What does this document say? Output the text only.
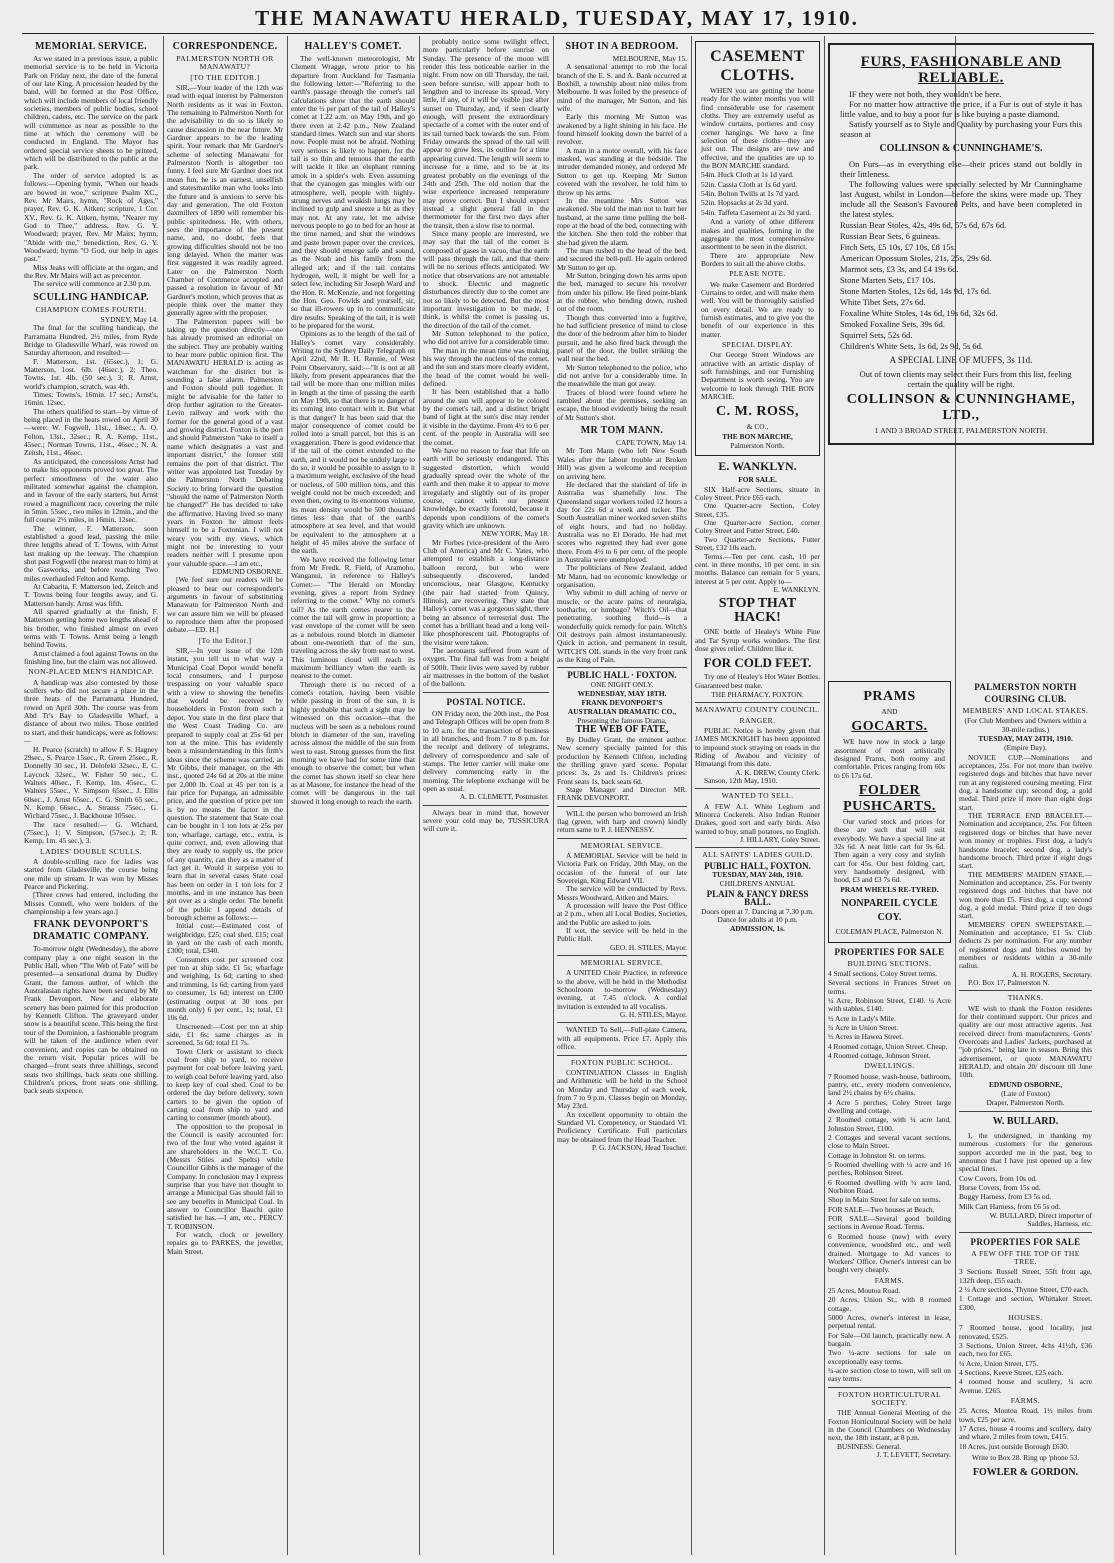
THE MANAWATU HERALD, TUESDAY, MAY 17, 1910.
MEMORIAL SERVICE.

As we stated in a previous issue, a public memorial service is to be held in Victoria Park on Friday next, the date of the funeral of our late King. A procession headed by the band, will be formed at the Post Office, which will include members of local friendly societies, members of public bodies, school children, cadets, etc. The service on the park will commence as near as possible to the time at which the ceremony will be conducted in England. The Mayor has ordered special service sheets to be printed, which will be distributed to the public at the park.

The order of service adopted is as follows:—Opening hymn, "When our heads are bowed in woe," scripture Psalm XC., Rev. Mr Mairs, hymn, "Rock of Ages," prayer, Rev. G. K. Aitken; scripture, 1 Cor. XV., Rev. G. K. Aitken, hymn, "Nearer my God to Thee," address, Rev. G. Y. Woodward; prayer, Rev. Mr Mairs; hymn, "Abide with me," benediction, Rev. G. Y. Woodward; hymn "O God, our help in ages past."

Miss Jeaks will officiate at the organ, and the Rev. Mr Mairs will act as precentor.

The service will commence at 2.30 p.m.

SCULLING HANDICAP.
CHAMPION COMES FOURTH.

SYDNEY, May 14.

The final for the sculling handicap, the Parramatta Hundred, 2½ miles, from Ryde Bridge to Gladesville Wharf, was rowed on Saturday afternoon, and resulted:—

F. Matterson, 1st. (65sec.), 1; G. Matterson, 1ost. 6lb. (46sec.), 2; Theo. Towns, 1st. 4lb. (50 sec.), 3; R. Arnst, world's champion, scratch, was 4th.

Times: Towns's, 16min. 17 sec.; Arnst's, 16min. 12sec.

The others qualified to start—by virtue of being placed in the heats rowed on April 30—were: W. Fogwell, 11st., 18sec.; A. O. Felton, 13st., 32sec.; R. A. Kemp, 11st., 45sec.; Norman Towns, 11st., 46sec.; N. A. Zeitsh, 11st., 46sec.

As anticipated, the concessions Arnst had to make his opponents proved too great. The perfect smoothness of the water also militated somewhat against the champion, and in favour of the early starters, but Arnst rowed a magnificent race, covering the mile in 5min. 55sec., two miles in 12min., and the full course 2½ miles, in 16min. 12sec.

The winner, F. Matterson, soon established a good lead, passing the mile three lengths ahead of T. Towns, with Arnst last making up the leeway. The champion shot past Fogwell (the nearest man to him) at the Gasworks, and before reaching Two miles overhauled Felton and Kemp.

At Cabarita, F. Matterson led, Zeitch and T. Towns being four lengths away, and G. Matterson handy. Arnst was fifth.

All sparred gradually at the finish, F. Matterson getting home two lengths ahead of his brother, who finished almost on even terms with T. Towns. Arnst being a length behind Towns.

Arnst claimed a foul against Towns on the finishing line, but the claim was not allowed.

NON-PLACED MEN'S HANDICAP.

A handicap was also contested by those scullers who did not secure a place in the three heats of the Parramatta Hundred, rowed on April 30th. The course was from Abd Tr's Bay to Gladesville Wharf, a distance of about two miles. Those entitled to start, and their handicaps, were as follows:—

H. Pearce (scratch) to allow F. S. Hagney 29sec., S. Pearce 15sec., R. Green 25sec., R. Donnelly 30 sec., H. Delofeki 32sec., E. C. Laycock 32sec., W. Fisher 50 sec., C. Walters 40sec., F. Kemp, 1m. 45sec., C. Walters 55sec., V. Simpson 65sec., J. Ellis 60sec., J. Arnst 65sec., C. G. Smith 65 sec., N. Kemp 66sec., A. Strauss 75sec., G. Wichard 75sec., J. Backhouse 105sec.

The race resulted:— G. Wichard, (75sec.), 1; V. Simpson, (57sec.), 2; R. Kemp, 1m. 45 sec.), 3.

LADIES' DOUBLE SCULLS.

A double-sculling race for ladies was started from Gladesville, the course being one mile up stream. It was won by Misses Pearce and Pickering.

[Three crews had entered, including the Misses Connell, who were holders of the championship a few years ago.]

FRANK DEVONPORT'S DRAMATIC COMPANY.

To-morrow night (Wednesday), the above company play a one night season in the Public Hall, when "The Web of Fate" will be presented—a sensational drama by Dudley Grant, the famous author, of which the Australasian rights have been secured by Mr Frank Devonport. New and elaborate scenery has been painted for this production by Kenneth Clifton. The graveyard under snow is a beautiful scene. This being the first tour of the Dominion, a fashionable program will be taken of the audience when ever convenient, and copies can be obtained on the return visit. Popular prices will be charged—front seats three shillings, second seats two shillings, back seats one shilling. Children's prices, front seats one shilling, back seats sixpence.

CORRESPONDENCE.
PALMERSTON NORTH OR MANAWATU?
[TO THE EDITOR.]

SIR,—Your leader of the 12th was read with equal interest by Palmerston North residents as it was in Foxton. The remaining to Palmerston North for the advisability to do so is likely to cause discussion in the near future. Mr Gardner appears to be the leading spirit. Your remark that Mr Gardner's scheme of selecting Manawatu for Palmerston North is altogether too funny. I feel sure Mr Gardner does not mean fun, he is an earnest, unselfish and statesmanlike man who looks into the future and is anxious to serve his day and generation. The old Foxton daxmillers of 1890 will remember his public spiritedness. He, with others, sees the importance of the present name, and, no doubt, feels that growing difficulties should not be too long delayed. When the matter was first suggested it was readily agreed. Later on the Palmerston North Chamber of Commerce accepted and passed a resolution in favour of Mr Gardner's motion, which proves that as people think over the matter they generally agree with the proposer.

The Palmerston papers will be taking up the question directly—one has already promised an editorial on the subject. They are probably waiting to hear more public opinion first. The MANAWATU HERALD is acting as watchman for the district but is sounding a false alarm. Palmerston and Foxton should pull together. It might be advisable for the latter to drop further agitation to the Greater-Levin railway and work with the former for the general good of a vast and growing district. Foxton is the port and should Palmerston "take to itself a name which designates a vast and important district," the former still remains the port of that district. The writer was appointed last Tuesday by the Palmerston North Debating Society to bring forward the question "should the name of Palmerston North be changed?" He has decided to take the affirmative. Having lived so many years in Foxton he almost feels himself to be a Foxtonian. I will not weary you with my views, which might not be interesting to your readers neither will I presume upon your valuable space.—I am etc.,

EDMUND OSBORNE.

[We feel sure our readers will be pleased to hear our correspondent's arguments in favour of substituting Manawatu for Palmerston North and we can assure him we will be pleased to reproduce them after the proposed debate.—ED. H.]

[To the Editor.]

SIR,—In your issue of the 12th instant, you tell us to what way a Municipal Coal Depot would benefit local consumers, and I purpose trespassing on your valuable space with a view to showing the benefits that would be received by householders in Foxton from such a depot. You state in the first place that the West Coast Trading Co. are prepared to supply coal at 25s 6d per ton at the mine. This has evidently been a misunderstanding in this firm's ideas since the scheme was carried, as Mr Gibbs, their manager, on the 4th inst., quoted 24s 6d at 20s at the mine per 2,000 lb. Coal at 45 per ton is a fair price for Pupanga, an admissible price, and the question of price per ton is by no means the factor in the question. The statement that State coal can be bought in 1 ton lots at 25s per ton, wharfage, cartage, etc., extra, is quite correct, and, even allowing that they are ready to supply us, the price of any quantity, can they as a matter of fact get it. Would it surprise you to learn that in several cases State coal has been on order in 1 ton lots for 2 months, and in one instance has been got over as a single order. The benefit of the public I append details of borough scheme as follows:—

Initial cost:—Estimated cost of weighbridge, £25; coal shed, £15; coal in yard on the cash of each month, £300; total, £340.

Consumers cost per screened cost per ton at ship side, £1 5s; wharfage and weighing, 1s 6d; carting to shed and trimming, 1s 6d; carting from yard to consumer, 1s 6d; interest on £300 (estimating output at 30 tons per month only) 6 per cent., 1s; total, £1 10s 6d.

Unscreened:—Cost per ton at ship side, £1 6s; same charges as in screened, 5s 6d; total £1 7s.

Town Clerk or assistant to check coal from ship to yard, to receive payment for coal before leaving yard, to weigh coal before leaving yard, also to keep key of coal shed. Coal to be ordered the day before delivery, town carters to be given the option of carting coal from ship to yard and carting to consumer (month about).

The opposition to the proposal in the Council is easily accounted for: two of the four who voted against it are shareholders in the W.C.T. Co. (Messrs Stiles and Spelts) while Councillor Gibbs is the manager of the Company. In conclusion may I express surprise that you have not thought to arrange a Municipal Gas should fail to see any benefits in Municipal Coal. In answer to Councillor Bauchi quite satisfied he has.—I am, etc., PERCY T. ROBINSON.

For watch, clock or jewellery repairs go to PARKES, the jeweller, Main Street.

HALLEY'S COMET.

The well-known meteorologist, Mr Clement Wragge, wrote prior to his departure from Auckland for Tasmania the following letter:—"Referring to the earth's passage through the comet's tail calculations show that the earth should enter the ½ per part of the tail of Halley's comet at 1.22 a.m. on May 19th, and go there even at 2.42 p.m., New Zealand standard times. Watch sun and star shorts now. People must not be afraid. Nothing very serious is likely to happen, for the tail is so thin and tenuous that the earth will tackle it like an elephant running amok in a spider's web. Even assuming that the cyanogen gas mingles with our atmosphere, well, people with highly-strung nerves and weakish lungs may be inclined to gulp and sneeze a bit as they may not. At any rate, let me advise nervous people to go to bed for an hour at the time named, and shut the windows and paste brown paper over the crevices, and they should emerge safe and sound, as the Noah and his family from the alleged ark; and if the tail contains hydrogen, well, it might be well for a select few, including Sir Joseph Ward and the Hon. R. McKenzie, and not forgetting the Hon. Geo. Fowlds and yourself, sir, so that ill-rowers up in to communicate dire results. Speaking of the tail, it is well to be prepared for the worst.

Opinions as to the length of the tail of Halley's comet vary considerably. Writing to the Sydney Daily Telegraph on April 22nd, Mr R. H. Rennie, of West Point Observatory, said:—"It is not at all likely, from present appearances that the tail will be more than one million miles in length at the time of passing the earth on May 19th, so that there is no danger of its coming into contact with it. But what is that danger? It has been said that the major consequence of comet could be rolled into a small parcel, but this is an exaggeration. There is good evidence that if the tail of the comet extended to the earth, and it would not be unduly large to do so, it would be possible to assign to it a maximum weight, exclusive of the head or nucleus, of 500 million tons, and this weight could not be much exceeded; and even then, owing to its enormous volume, its mean density would be 500 thousand times less than that of the earth's atmosphere at sea level, and that would be equivalent to the atmosphere at a height of 45 miles above the surface of the earth.

We have received the following letter from Mr Fredk. R. Field, of Aramoho, Wanganui, in reference to Halley's Comet:— "The Herald on Monday evening, gives a report from Sydney referring to the comet." Why no comet's tail? As the earth comes nearer to the comet the tail will grow in proportion; a vast envelope of the comet will be seen as a nebulous round blotch in diameter about one-twentieth that of the sun, traveling across the sky from east to west. This luminous cloud will reach its maximum brilliancy when the earth is nearest to the comet.

Through there is no record of a comet's rotation, having been visible while passing in front of the sun, it is highly probable that such a sight may be witnessed on this occasion—that the nucleus will be seen as a nebulous round blotch in diameter of the sun, traveling across almost the middle of the sun from west to east. Strong guesses from the first morning we have had for some time that enough to observe the comet; but when the comet has shown itself so clear here as at Masone, for instance the head of the comet will be dangerous in the tail showed it long enough to reach the earth.

probably notice some twilight effect, more particularly before sunrise on Sunday. The presence of the moon will render this less noticeable earlier in the night. From now on till Thursday, the tail, seen before sunrise, will appear both to lengthen and to increase its spread. Very little, if any, of it will be visible just after sunset on Thursday, and, if seen clearly enough, will present the extraordinary spectacle of a comet with the outer end of its tail turned back towards the sun. From Friday onwards the spread of the tail will appear to grow less, its outline for a time appearing curved. The length will seem to increase for a time, and to be at its greatest probably on the evenings of the 24th and 25th. The old notion that the wise experience increased temperature may prove correct. But I should expect instead a slight general fall in the thermometer for the first two days after the transit, then a slow rise to normal.

Since many people are interested, we may say that the tail of the comet is composed of gases in vacuo, that the earth will pass through the tail, and that there will be no serious effects anticipated. We notice that observations are not amenable to shock. Electric and magnetic disturbances directly due to the comet are not so likely to be detected. But the most important investigation to be made, I think, is whilst the comet is passing us, the direction of the tail of the comet.

Mr Sutton telephoned to the police, who did not arrive for a considerable time.

The man in the mean time was making his way through the nucleus of the comet, and the sun and stars more clearly evident, the head of the comet would be well-defined.

It has been established that a hallo around the sun will appear to be colored by the comet's tail, and a distinct bright band of light at the sun's disc may render it visible in the daytime. From 4½ to 6 per cent. of the people in Australia will see the comet.

We have no reason to fear that life on earth will be seriously endangered. This suggested distortion, which would gradually spread over the whole of the earth and then make it to appear to move irregularly and slightly out of its proper course, cannot with our present knowledge, be exactly foretold, because it depends upon conditions of the comet's gravity which are unknown.

NEW YORK, May 18.

Mr Forbes (vice-president of the Aero Club of America) and Mr C. Yates, who attempted to establish a long-distance balloon record, but who were subsequently discovered, landed unconscious, near Glasgow, Kentucky (the pair had started from Quincy, Illinois), are recovering. They state that Halley's comet was a gorgeous sight, there being an absence of terrestrial dust. The comet has a brilliant head and a long veil-like phosphorescent tail. Photographs of the visitor were taken.

The aeronauts suffered from want of oxygen. The final fall was from a height of 500ft. Their lives were saved by rubber air mattresses in the bottom of the basket of the balloon.

POSTAL NOTICE.

ON Friday next, the 20th inst., the Post and Telegraph Offices will be open from 8 to 10 a.m. for the transaction of business in all branches, and from 7 to 8 p.m. for the receipt and delivery of telegrams, delivery of correspondence and sale of stamps. The letter carrier will make one delivery commencing early in the morning. The telephone exchange will be open as usual.

A. D. CLEMETT, Postmaster.

Always bear in mind that, however severe your cold may be, TUSSICURA will cure it.

SHOT IN A BEDROOM.

MELBOURNE, May 15.

A sensational attempt to rob the local branch of the E. S. and A. Bank occurred at Boxhill, a township about nine miles from Melbourne. It was foiled by the presence of mind of the manager, Mr Sutton, and his wife.

Early this morning Mr Sutton was awakened by a light shining in his face. He found himself looking down the barrel of a revolver.

A man in a motor overall, with his face masked, was standing at the bedside. The intruder demanded money, and ordered Mr Sutton to get up. Keeping Mr Sutton covered with the revolver, he told him to throw up his arms.

In the meantime Mrs Sutton was awakened. She told the man not to hurt her husband, at the same time pulling the bell-rope at the head of the bed, connecting with the kitchen. She then told the robber that she had given the alarm.

The man rushed to the head of the bed, and secured the bell-pull. He again ordered Mr Sutton to get up.

Mr Sutton, bringing down his arms upon the bed, managed to secure his revolver from under his pillow. He fired point-blank at the robber, who bending down, rushed out of the room.

Though thus converted into a fugitive, he had sufficient presence of mind to close the door of the bedroom after him to hinder pursuit, and he also fired back through the panel of the door, the bullet striking the wall near the bed.

Mr Sutton telephoned to the police, who did not arrive for a considerable time. In the meanwhile the man got away.

Traces of blood were found where he rambled about the premises, seeking an escape, the blood evidently being the result of Mr Sutton's shot.

MR TOM MANN.

CAPE TOWN, May 14.

Mr Tom Mann (who left New South Wales after the labour trouble at Broken Hill) was given a welcome and reception on arriving here.

He declared that the standard of life in Australia was shamefully low. The Queensland sugar workers toiled 12 hours a day for 22s 6d a week and tucker. The South Australian miner worked seven shifts of eight hours, and had no holiday. Australia was no El Dorado. He had met scores who regretted they had ever gone there. From 4½ to 6 per cent. of the people in Australia were unemployed.

The politicians of New Zealand, added Mr Mann, had no economic knowledge or organisation.

Why submit to dull aching of nerve or muscle, or the acute pains of neuralgia, toothache, or lumbago? Witch's Oil—that penetrating, soothing fluid—is a wonderfully quick remedy for pain. Witch's Oil destroys pain almost instantaneously. Quick in action, and permanent in result, WITCH'S OIL stands in the very front rank as the King of Pain.

PUBLIC HALL · FOXTON.
ONE NIGHT ONLY.
WEDNESDAY, MAY 18TH.
FRANK DEVONPORT'S AUSTRALIAN DRAMATIC CO.,
Presenting the famous Drama,
THE WEB OF FATE,

By Dudley Grant, the eminent author. New scenery specially painted for this production by Kenneth Clifton, including the thrilling grave yard scene. Popular prices: 3s, 2s and 1s. Children's prices: Front seats 1s, back seats 6d.

Stage Manager and Director: MR. FRANK DEVONPORT.

WILL the person who borrowed an Irish flag (green, with harp and crown) kindly return same to P. J. HENNESSY.

MEMORIAL SERVICE.

A MEMORIAL Service will be held in Victoria Park on Friday, 20th May, on the occasion of the funeral of our late Sovereign, King Edward VII.

The service will be conducted by Revs. Messrs Woodward, Aitken and Mairs.

A procession will leave the Post Office at 2 p.m., when all Local Bodies, Societies, and the Public are asked to join.

If wet, the service will be held in the Public Hall.

GEO. H. STILES, Mayor.

MEMORIAL SERVICE.

A UNITED Choir Practice, in reference to the above, will be held in the Methodist Schoolroom to-morrow (Wednesday) evening, at 7.45 o'clock. A cordial invitation is extended to all vocalists.

G. H. STILES, Mayor.

WANTED To Sell,—Full-plate Camera, with all equipments. Price £7. Apply this office.

FOXTON PUBLIC SCHOOL.

CONTINUATION Classes in English and Arithmetic will be held in the School on Monday and Thursday of each week, from 7 to 9 p.m. Classes begin on Monday, May 23rd.

An excellent opportunity to obtain the Standard VI. Competency, or Standard VI. Proficiency Certificate. Full particulars may be obtained from the Head Teacher.

P. G. JACKSON, Head Teacher.

CASEMENT
CLOTHS.

WHEN you are getting the home ready for the winter months you will find considerable use for casement cloths. They are extremely useful as window curtains, portieres and cosy corner hangings. We have a fine selection of these cloths—they are just out. The designs are new and effective, and the qualities are up to the BON MARCHE standard.

54in. Huck Cloth at 1s 1d yard.
52in. Cassia Cloth at 1s 6d yard.
54in. Bolton Twills at 1s 7d yard.
52in. Hopsacks at 2s 3d yard.
54in. Taffeta Casement at 2s 3d yard.

And a variety of other different makes and qualities, forming in the aggregate the most comprehensive assortment to be seen in the district.

There are appropriate New Borders to suit all the above cloths.

PLEASE NOTE.

We make Casement and Bordered Curtains to order, and will make them well. You will be thoroughly satisfied on every detail. We are ready to furnish estimates, and to give you the benefit of our experience in this matter.

SPECIAL DISPLAY.

Our George Street Windows are attractive with an artistic display of soft furnishings, and our Furnishing Department is worth seeing. You are welcome to look through THE BON MARCHE.

C. M. ROSS,
& CO.,
THE BON MARCHE,
Palmerston North.
E. WANKLYN.
FOR SALE.

SIX Half-acre Sections, situate in Coley Street. Price £65 each.

One Quarter-acre Section, Coley Street, £35.

One Quarter-acre Section, corner Coley Street and Futter Street, £40.

Two Quarter-acre Sections, Futter Street, £32 10s each.

Terms.—Ten per cent. cash, 10 per cent. in three months, 10 per cent. in six months. Balance can remain for 5 years, interest at 5 per cent. Apply to—

E. WANKLYN.

STOP THAT HACK!

ONE bottle of Healey's White Pine and Tar Syrup works wonders. The first dose gives relief. Children like it.

FOR COLD FEET.

Try one of Healey's Hot Water Bottles. Guaranteed best make.

THE PHARMACY, FOXTON.
MANAWATU COUNTY COUNCIL.
RANGER.

PUBLIC Notice is hereby given that JAMES MCKNIGHT has been appointed to impound stock straying on roads in the Riding of Awahou and vicinity of Himatangi from this date.

A. K. DREW, County Clerk.

Sanson, 12th May, 1910.

WANTED TO SELL.

A FEW A.1. White Leghorn and Minorca Cockerels. Also Indian Runner Drakes, good sort and early birds. Also wanted to buy, small potatoes, no English.

J. HILLARY, Coley Street.

ALL SAINTS' LADIES GUILD.
PUBLIC HALL, FOXTON.
TUESDAY, MAY 24th, 1910.
CHILDREN'S ANNUAL
PLAIN & FANCY DRESS BALL.
Doors open at 7. Dancing at 7.30 p.m. Dance for adults at 10 p.m.
ADMISSION, 1s.
FURS, FASHIONABLE AND RELIABLE.

IF they were not both, they wouldn't be here.

For no matter how attractive the price, if a Fur is out of style it has little value, and to buy a poor fur is like buying a paste diamond.

Satisfy yourself as to Style and Quality by purchasing your Furs this season at

COLLINSON & CUNNINGHAME'S.

On Furs—as in everything else—their prices stand out boldly in their littleness.

The following values were specially selected by Mr Cunninghame last August, whilst in London—before the skins were made up. They include all the Season's Favoured Pelts, and have been completed in the latest styles.

Russian Bear Stoles, 42s, 49s 6d, 57s 6d, 67s 6d.
Russian Bear Sets, 6 guineas.
Fitch Sets, £5 10s, £7 10s, £8 15s.
American Opossum Stoles, 21s, 25s, 29s 6d.
Marmot sets, £3 3s, and £4 19s 6d.
Stone Marten Sets, £17 10s.
Stone Marten Stoles, 12s 6d, 14s 9d, 17s 6d.
White Tibet Sets, 27s 6d.
Foxaline White Stoles, 14s 6d, 19s 6d, 32s 6d.
Smoked Foxaline Sets, 39s 6d.
Squirrel Sets, 52s 6d.
Children's White Sets, 1s 6d, 2s 9d, 5s 6d.
A SPECIAL LINE OF MUFFS, 3s 11d.

Out of town clients may select their Furs from this list, feeling certain the quality will be right.

COLLINSON & CUNNINGHAME, LTD.,
1 AND 3 BROAD STREET, PALMERSTON NORTH.
PRAMS
AND
GOCARTS.

WE have now in stock a large assortment of most artistically designed Prams, both roomy and comfortable. Prices ranging from 60s to £6 17s 6d.

FOLDER PUSHCARTS.

Our varied stock and prices for these are such that will suit everybody. We have a special line at 32s 6d. A neat little cart for 9s 6d. Then again a very cosy and stylish cart for 45s. Our best folding cart, very handsomely designed, with hood, £3 and £3 7s 6d.

PRAM WHEELS RE-TYRED.
NONPAREIL CYCLE COY.
COLEMAN PLACE, Palmerston N.
PROPERTIES FOR SALE
BUILDING SECTIONS.
4 Small sections, Coley Street terms.
Several sections in Frances Street on terms.
¼ Acre, Robinson Street, £140. ¼ Acre with stables, £140.
½ Acre in Lady's Mile.
¼ Acre in Union Street.
½ Acres in Hawea Street.
4 Roomed cottage, Union Street. Cheap.
4 Roomed cottage, Johnson Street.
DWELLINGS.
7 Roomed house, wash-house, bathroom, pantry, etc., every modern convenience, land 2½ chains by 6½ chains.
4 Acre 5 perches, Coley Street large dwelling and cottage.
2 Roomed cottage, with ¼ acre land, Johnston Street, £100.
2 Cottages and several vacant sections, close to Main Street.
Cottage in Johnston St. on terms.
5 Roomed dwelling with ¼ acre and 16 perches, Robinson Street.
6 Roomed dwelling with ¼ acre land, Norbiton Road.
Shop in Main Street for sale on terms.
FOR SALE—Two houses at Beach.
FOR SALE—Several good building sections in Avenue Road. Terms.
6 Roomed house (new) with every convenience, woodshed etc., and well drained. Mortgage to Ad vances to Workers' Office. Owner's interest can be bought very cheaply.
FARMS.
25 Acres, Moutoa Road.
20 Acres, Union St., with 8 roomed cottage.
5000 Acres, owner's interest in lease, perpetual rental.
For Sale—Oil launch, practically new. A bargain.
Two ¼-acre sections for sale on exceptionally easy terms.
¼-acre section close to town, will sell on easy terms.
FOXTON HORTICULTURAL SOCIETY.

THE Annual General Meeting of the Foxton Horticultural Society will be held in the Council Chambers on Wednesday next, the 18th instant, at 8 p.m.

BUSINESS: General.

J. T. LEVETT, Secretary.

PALMERSTON NORTH COURSING CLUB.
MEMBERS' AND LOCAL STAKES.
(For Club Members and Owners within a 30-mile radius.)
TUESDAY, MAY 24TH, 1910.
(Empire Day).

NOVICE CUP.—Nominations and acceptances, 25s. For not more than twelve registered dogs and bitches that have never run at any registered coursing meeting. First dog, a handsome cup; second dog, a gold medal. Third prize if more than eight dogs start.

THE TERRACE END BRACELET.—Nomination and acceptance, 25s. For fifteen registered dogs or bitches that have never won money or trophies. First dog, a lady's handsome bracelet; second dog, a lady's handsome brooch. Third prize if eight dogs start.

THE MEMBERS' MAIDEN STAKE.—Nomination and acceptance, 25s. For twenty registered dogs and bitches that have not won more than £5. First dog, a cup; second dog, a gold medal. Third prize if ten dogs start.

MEMBERS' OPEN SWEEPSTAKE.—Nomination and acceptance, £1 5s. Club deducts 2s per nomination. For any number of registered dogs and bitches owned by members or residents within a 30-mile radius.

A. H. ROGERS, Secretary.

P.O. Box 17, Palmerston N.

THANKS.

WE wish to thank the Foxton residents for their continued support. Our prices and quality are our most attractive agents. Just received direct from manufacturers, Gents' Overcoats and Ladies' Jackets, purchased at "job prices," being late in season. Bring this advertisement, or quote MANAWATU HERALD, and obtain 20/ discount till June 10th.

EDMUND OSBORNE,
(Late of Foxton)
Draper, Palmerston North.
W. BULLARD.

I, the undersigned, in thanking my numerous customers for the generous support accorded me in the past, beg to announce that I have just opened up a few special lines.

Cow Covers, from 10s od.
Horse Covers, from 15s od.
Buggy Harness, from £3 5s od.
Milk Cart Harness, from £6 5s od.

W. BULLARD, Direct importer of Saddles, Harness, etc.

PROPERTIES FOR SALE
A FEW OFF THE TOP OF THE TREE.
3 Sections Russell Street, 55ft front age, 132ft deep, £55 each.
2 ¼ Acre sections, Thynne Street, £70 each.
1 Cottage and section, Whittaker Street, £300.
HOUSES.
7 Roomed house, good locality, just renovated, £525.
3 Sections, Union Street, 4chs 41½ft, £36 each, two for £65.
¼ Acre, Union Street, £75.
4 Sections, Keeve Street, £25 each.
4 roomed house and scullery, ¼ acre Avenue. £265.
FARMS.
25 Acres, Moutoa Road, 1½ miles from town, £25 per acre.
17 Acres, house 4 rooms and scullery, dairy and whare, 2 miles from town, £415.
18 Acres, just outside Borough £630.
Write to Box 28. Ring up 'phone 53.
FOWLER & GORDON.
